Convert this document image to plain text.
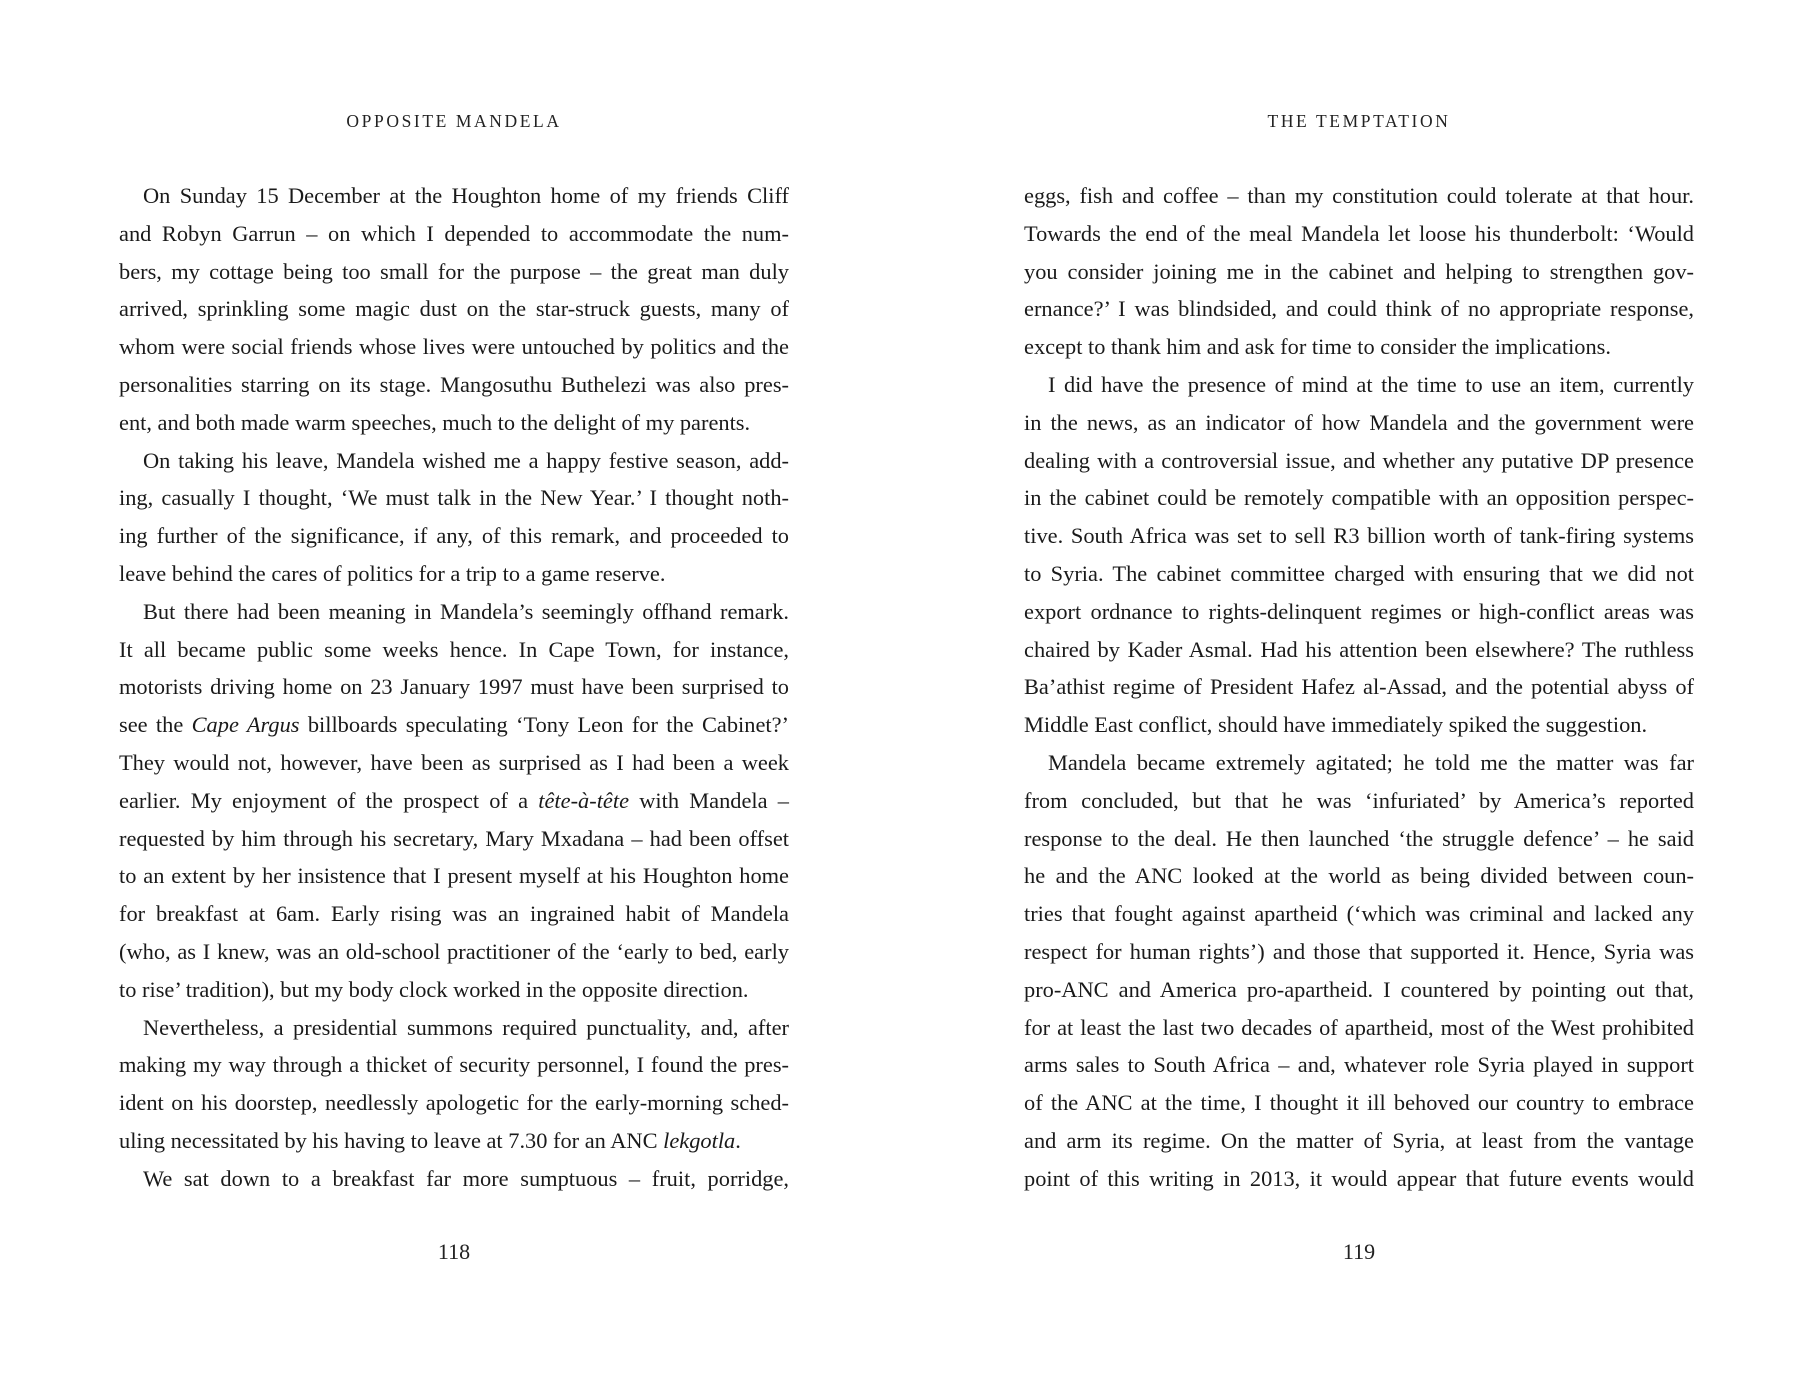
OPPOSITE MANDELA
On Sunday 15 December at the Houghton home of my friends Cliff
and Robyn Garrun – on which I depended to accommodate the num-
bers, my cottage being too small for the purpose – the great man duly
arrived, sprinkling some magic dust on the star-struck guests, many of
whom were social friends whose lives were untouched by politics and the
personalities starring on its stage. Mangosuthu Buthelezi was also pres-
ent, and both made warm speeches, much to the delight of my parents.
On taking his leave, Mandela wished me a happy festive season, add-
ing, casually I thought, ‘We must talk in the New Year.’ I thought noth-
ing further of the significance, if any, of this remark, and proceeded to
leave behind the cares of politics for a trip to a game reserve.
But there had been meaning in Mandela’s seemingly offhand remark.
It all became public some weeks hence. In Cape Town, for instance,
motorists driving home on 23 January 1997 must have been surprised to
see the Cape Argus billboards speculating ‘Tony Leon for the Cabinet?’
They would not, however, have been as surprised as I had been a week
earlier. My enjoyment of the prospect of a tête-à-tête with Mandela –
requested by him through his secretary, Mary Mxadana – had been offset
to an extent by her insistence that I present myself at his Houghton home
for breakfast at 6am. Early rising was an ingrained habit of Mandela
(who, as I knew, was an old-school practitioner of the ‘early to bed, early
to rise’ tradition), but my body clock worked in the opposite direction.
Nevertheless, a presidential summons required punctuality, and, after
making my way through a thicket of security personnel, I found the pres-
ident on his doorstep, needlessly apologetic for the early-morning sched-
uling necessitated by his having to leave at 7.30 for an ANC lekgotla.
We sat down to a breakfast far more sumptuous – fruit, porridge,
118
THE TEMPTATION
eggs, fish and coffee – than my constitution could tolerate at that hour.
Towards the end of the meal Mandela let loose his thunderbolt: ‘Would
you consider joining me in the cabinet and helping to strengthen gov-
ernance?’ I was blindsided, and could think of no appropriate response,
except to thank him and ask for time to consider the implications.
I did have the presence of mind at the time to use an item, currently
in the news, as an indicator of how Mandela and the government were
dealing with a controversial issue, and whether any putative DP presence
in the cabinet could be remotely compatible with an opposition perspec-
tive. South Africa was set to sell R3 billion worth of tank-firing systems
to Syria. The cabinet committee charged with ensuring that we did not
export ordnance to rights-delinquent regimes or high-conflict areas was
chaired by Kader Asmal. Had his attention been elsewhere? The ruthless
Ba’athist regime of President Hafez al-Assad, and the potential abyss of
Middle East conflict, should have immediately spiked the suggestion.
Mandela became extremely agitated; he told me the matter was far
from concluded, but that he was ‘infuriated’ by America’s reported
response to the deal. He then launched ‘the struggle defence’ – he said
he and the ANC looked at the world as being divided between coun-
tries that fought against apartheid (‘which was criminal and lacked any
respect for human rights’) and those that supported it. Hence, Syria was
pro-ANC and America pro-apartheid. I countered by pointing out that,
for at least the last two decades of apartheid, most of the West prohibited
arms sales to South Africa – and, whatever role Syria played in support
of the ANC at the time, I thought it ill behoved our country to embrace
and arm its regime. On the matter of Syria, at least from the vantage
point of this writing in 2013, it would appear that future events would
119
